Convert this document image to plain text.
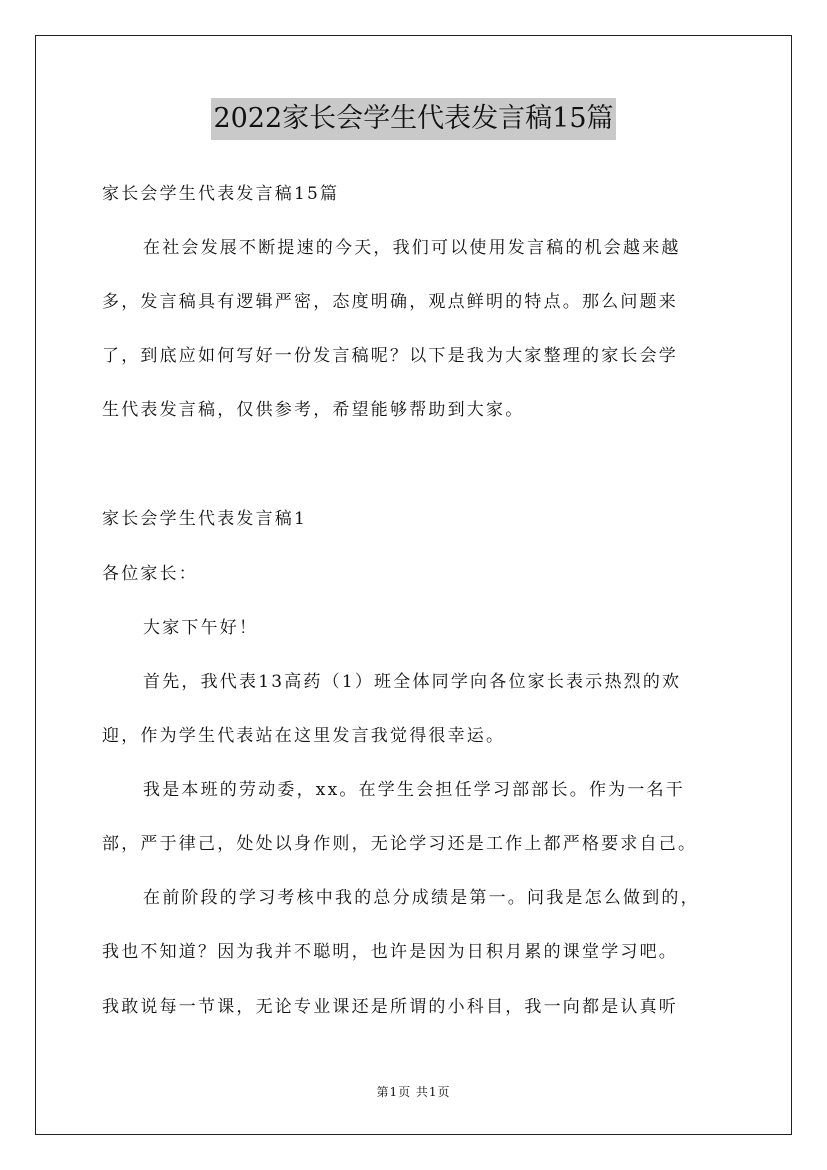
2022家长会学生代表发言稿15篇
家长会学生代表发言稿15篇
在社会发展不断提速的今天，我们可以使用发言稿的机会越来越
多，发言稿具有逻辑严密，态度明确，观点鲜明的特点。那么问题来
了，到底应如何写好一份发言稿呢？以下是我为大家整理的家长会学
生代表发言稿，仅供参考，希望能够帮助到大家。
家长会学生代表发言稿1
各位家长：
大家下午好！
首先，我代表13高药（1）班全体同学向各位家长表示热烈的欢
迎，作为学生代表站在这里发言我觉得很幸运。
我是本班的劳动委，xx。在学生会担任学习部部长。作为一名干
部，严于律己，处处以身作则，无论学习还是工作上都严格要求自己。
在前阶段的学习考核中我的总分成绩是第一。问我是怎么做到的，
我也不知道？因为我并不聪明，也许是因为日积月累的课堂学习吧。
我敢说每一节课，无论专业课还是所谓的小科目，我一向都是认真听
第1页 共1页
